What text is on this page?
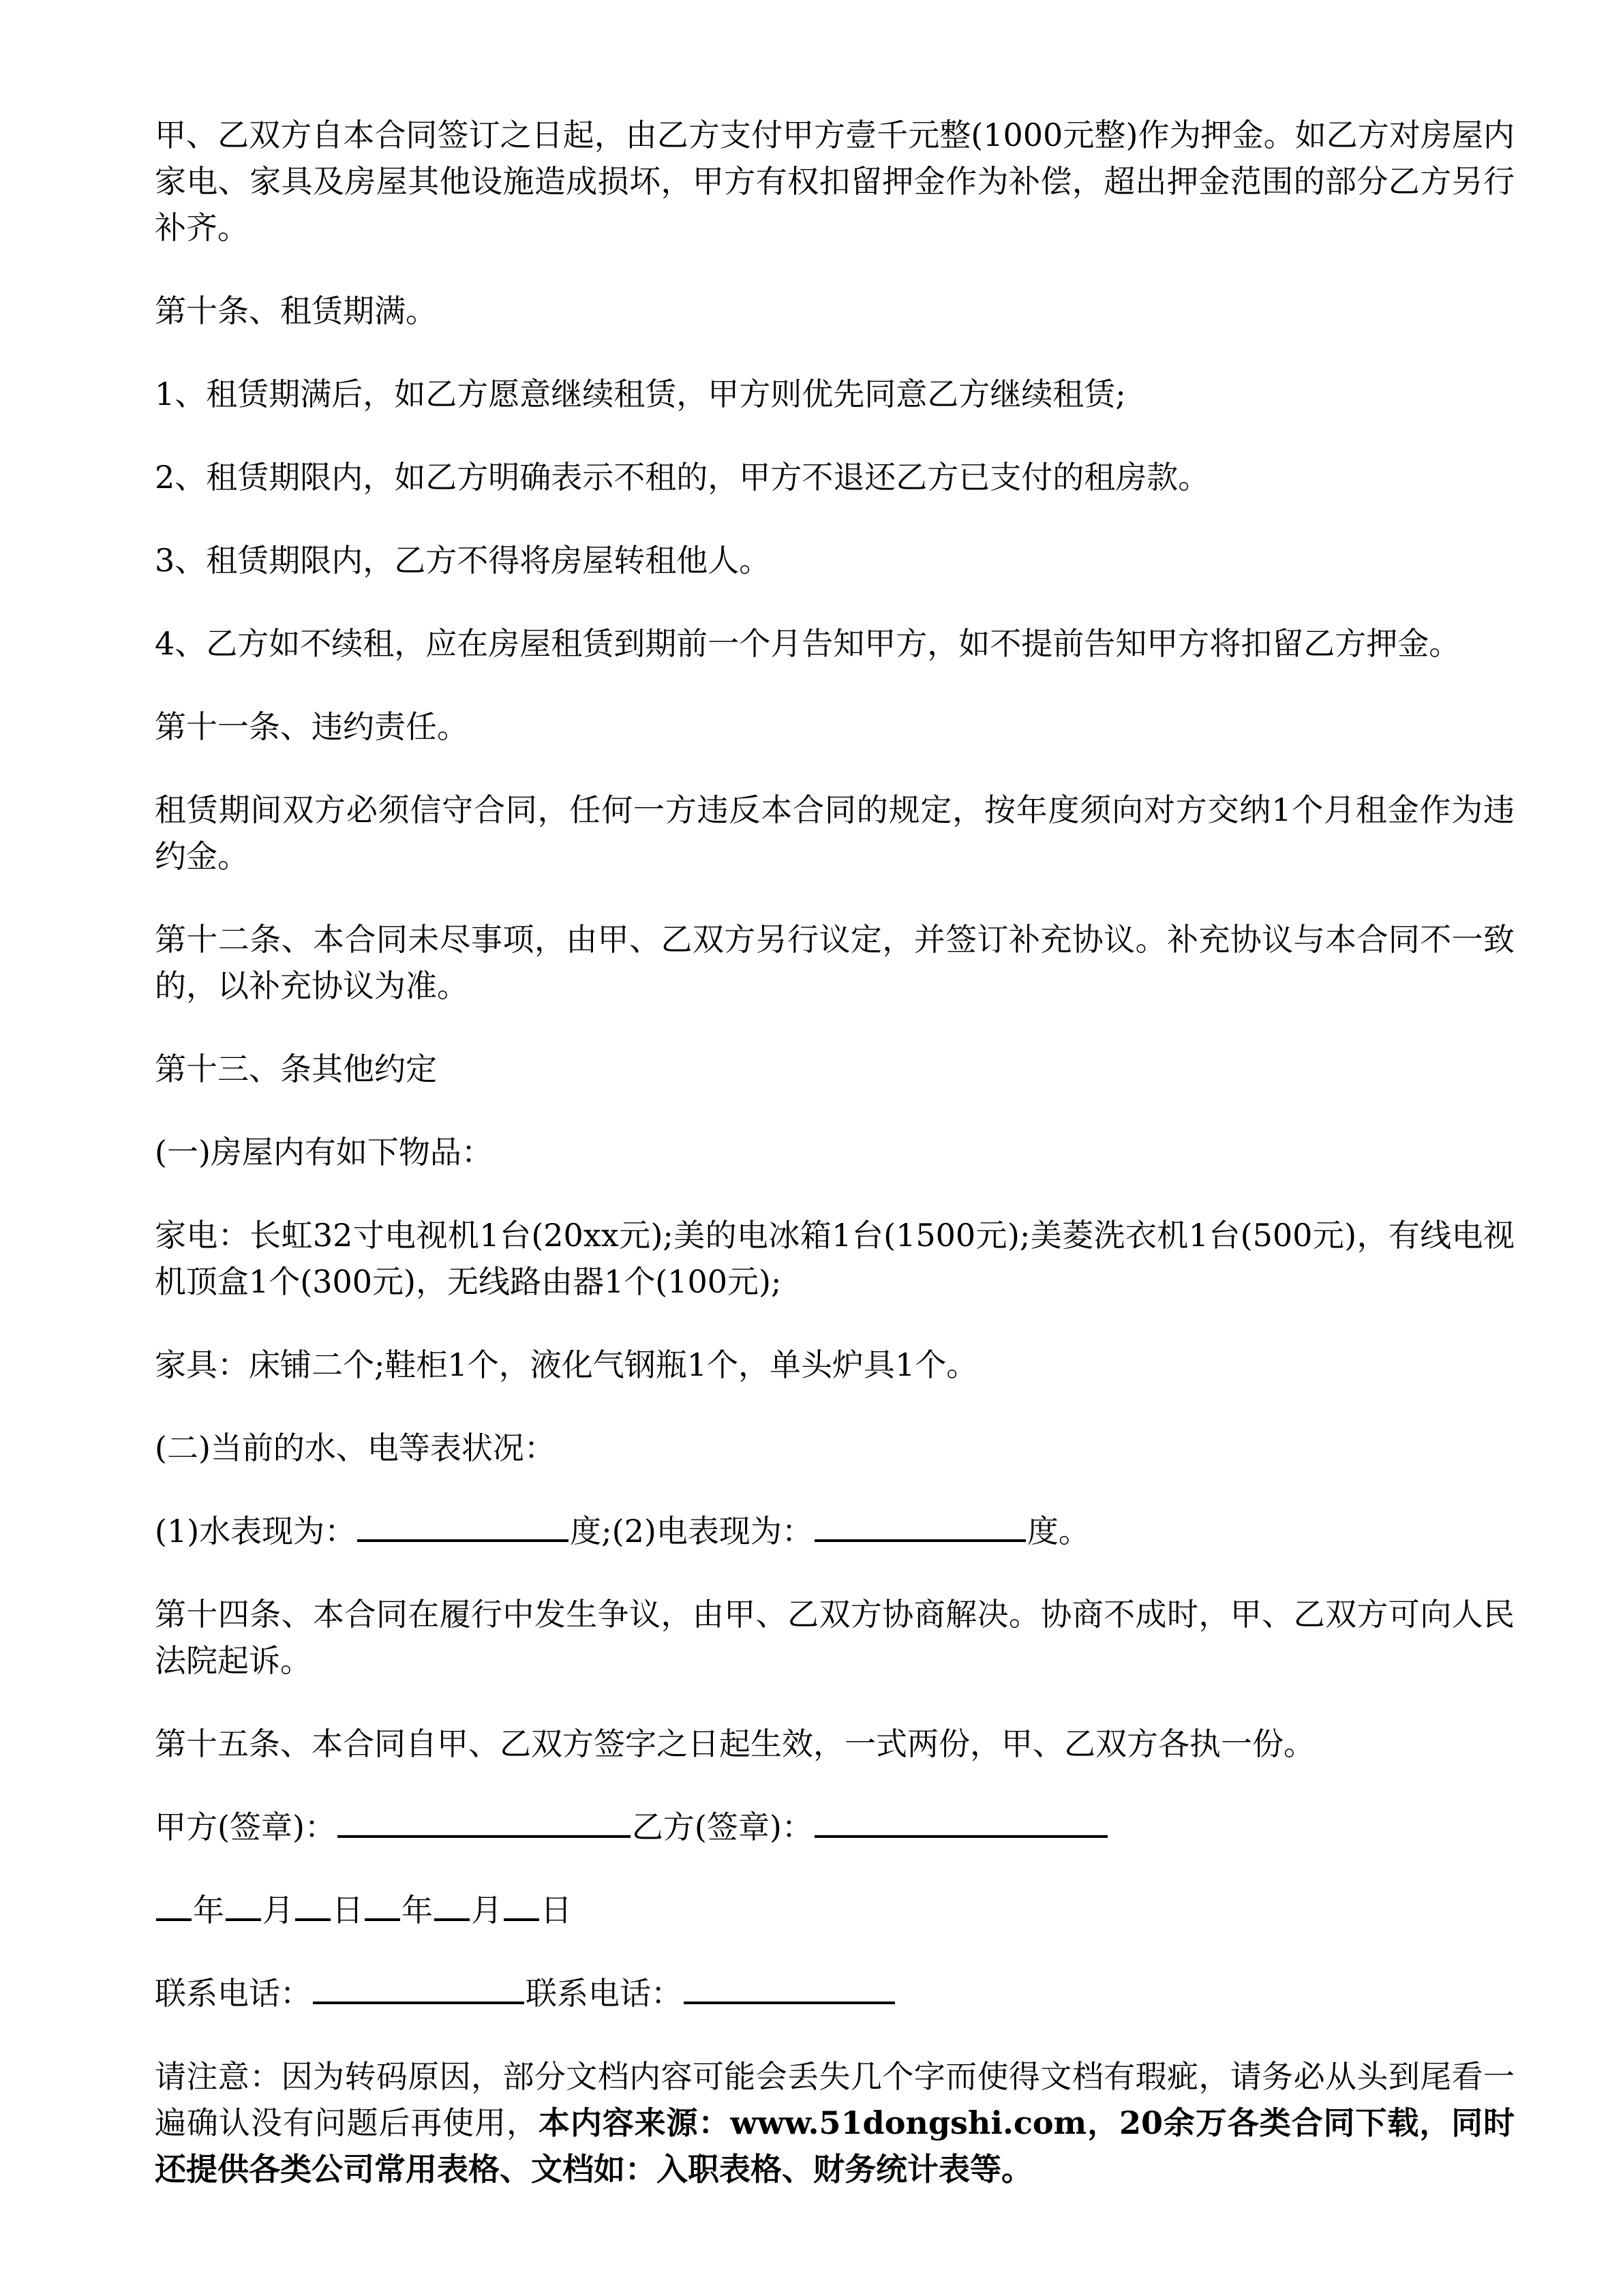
甲、乙双方自本合同签订之日起，由乙方支付甲方壹千元整(1000元整)作为押金。如乙方对房屋内家电、家具及房屋其他设施造成损坏，甲方有权扣留押金作为补偿，超出押金范围的部分乙方另行补齐。

第十条、租赁期满。

1、租赁期满后，如乙方愿意继续租赁，甲方则优先同意乙方继续租赁;

2、租赁期限内，如乙方明确表示不租的，甲方不退还乙方已支付的租房款。

3、租赁期限内，乙方不得将房屋转租他人。

4、乙方如不续租，应在房屋租赁到期前一个月告知甲方，如不提前告知甲方将扣留乙方押金。

第十一条、违约责任。

租赁期间双方必须信守合同，任何一方违反本合同的规定，按年度须向对方交纳1个月租金作为违约金。

第十二条、本合同未尽事项，由甲、乙双方另行议定，并签订补充协议。补充协议与本合同不一致的，以补充协议为准。

第十三、条其他约定

(一)房屋内有如下物品：

家电：长虹32寸电视机1台(20xx元);美的电冰箱1台(1500元);美菱洗衣机1台(500元)，有线电视机顶盒1个(300元)，无线路由器1个(100元);

家具：床铺二个;鞋柜1个，液化气钢瓶1个，单头炉具1个。

(二)当前的水、电等表状况：

(1)水表现为：	度;(2)电表现为：	度。

第十四条、本合同在履行中发生争议，由甲、乙双方协商解决。协商不成时，甲、乙双方可向人民法院起诉。

第十五条、本合同自甲、乙双方签字之日起生效，一式两份，甲、乙双方各执一份。

甲方(签章)：	乙方(签章)：

年 月 日 年 月 日

联系电话：	联系电话：

请注意：因为转码原因，部分文档内容可能会丢失几个字而使得文档有瑕疵，请务必从头到尾看一遍确认没有问题后再使用，本内容来源：www.51dongshi.com，20余万各类合同下载，同时还提供各类公司常用表格、文档如：入职表格、财务统计表等。
